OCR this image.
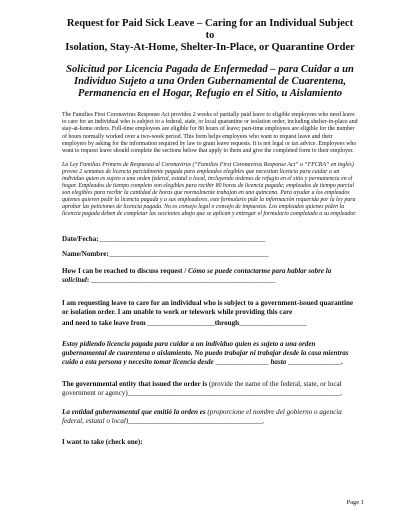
Request for Paid Sick Leave – Caring for an Individual Subject to
Isolation, Stay-At-Home, Shelter-In-Place, or Quarantine Order
Solicitud por Licencia Pagada de Enfermedad – para Cuidar a un
Individuo Sujeto a una Orden Gubernamental de Cuarentena,
Permanencia en el Hogar, Refugio en el Sitio, u Aislamiento

The Families First Coronavirus Response Act provides 2 weeks of partially paid leave to eligible employees who need leave to care for an individual who is subject to a federal, state, or local quarantine or isolation order, including shelter-in-place and stay-at-home orders. Full-time employees are eligible for 80 hours of leave; part-time employees are eligible for the number of hours normally worked over a two-week period. This form helps employees who want to request leave and their employers by asking for the information required by law to grant leave requests. It is not legal or tax advice. Employees who want to request leave should complete the sections below that apply to them and give the completed form to their employer.

La Ley Familias Primero de Respuesta al Coronavirus (“Families First Coronavirus Response Act” o “FFCRA” en inglés) provee 2 semanas de licencia parcialmente pagada para empleados elegibles que necesitan licencia para cuidar a un individuo quien es sujeto a una orden federal, estatal o local, incluyendo órdenes de refugio en el sitio y permanencia en el hogar. Empleados de tiempo completo son elegibles para recibir 80 horas de licencia pagada; empleados de tiempo parcial son elegibles para recibir la cantidad de horas que normalmente trabajan en una quincena. Para ayudar a los empleados quienes quieren pedir la licencia pagada y a sus empleadores, este formulario pide la información requerida por la ley para aprobar las peticiones de licencia pagada. No es consejo legal o consejo de impuestos. Los empleados quienes piden la licencia pagada deben de completar las secciones abajo que se aplican y entregar el formulario completado a su empleador.

Date/Fecha:_______________________________________________

Name/Nombre:_____________________________________________

How I can be reached to discuss request / Cómo se puede contactarme para hablar sobre la solicitud: ____________________________________________________

I am requesting leave to care for an individual who is subject to a government-issued quarantine or isolation order. I am unable to work or telework while providing this care
and need to take leave from ___________________through___________________

Estoy pidiendo licencia pagada para cuidar a un individuo quien es sujeto a una orden gubernamental de cuarentena o aislamiento. No puedo trabajar ni trabajar desde la casa mientras cuido a esta persona y necesito tomar licencia desde _______________ hasta _______________.

The governmental entity that issued the order is (provide the name of the federal, state, or local government or agency)____________________________________________________________.

La entidad gubernamental que emitió la orden es (proporcione el nombre del gobierno o agencia federal, estatal o local)______________________________________.

I want to take (check one):

Page 1
